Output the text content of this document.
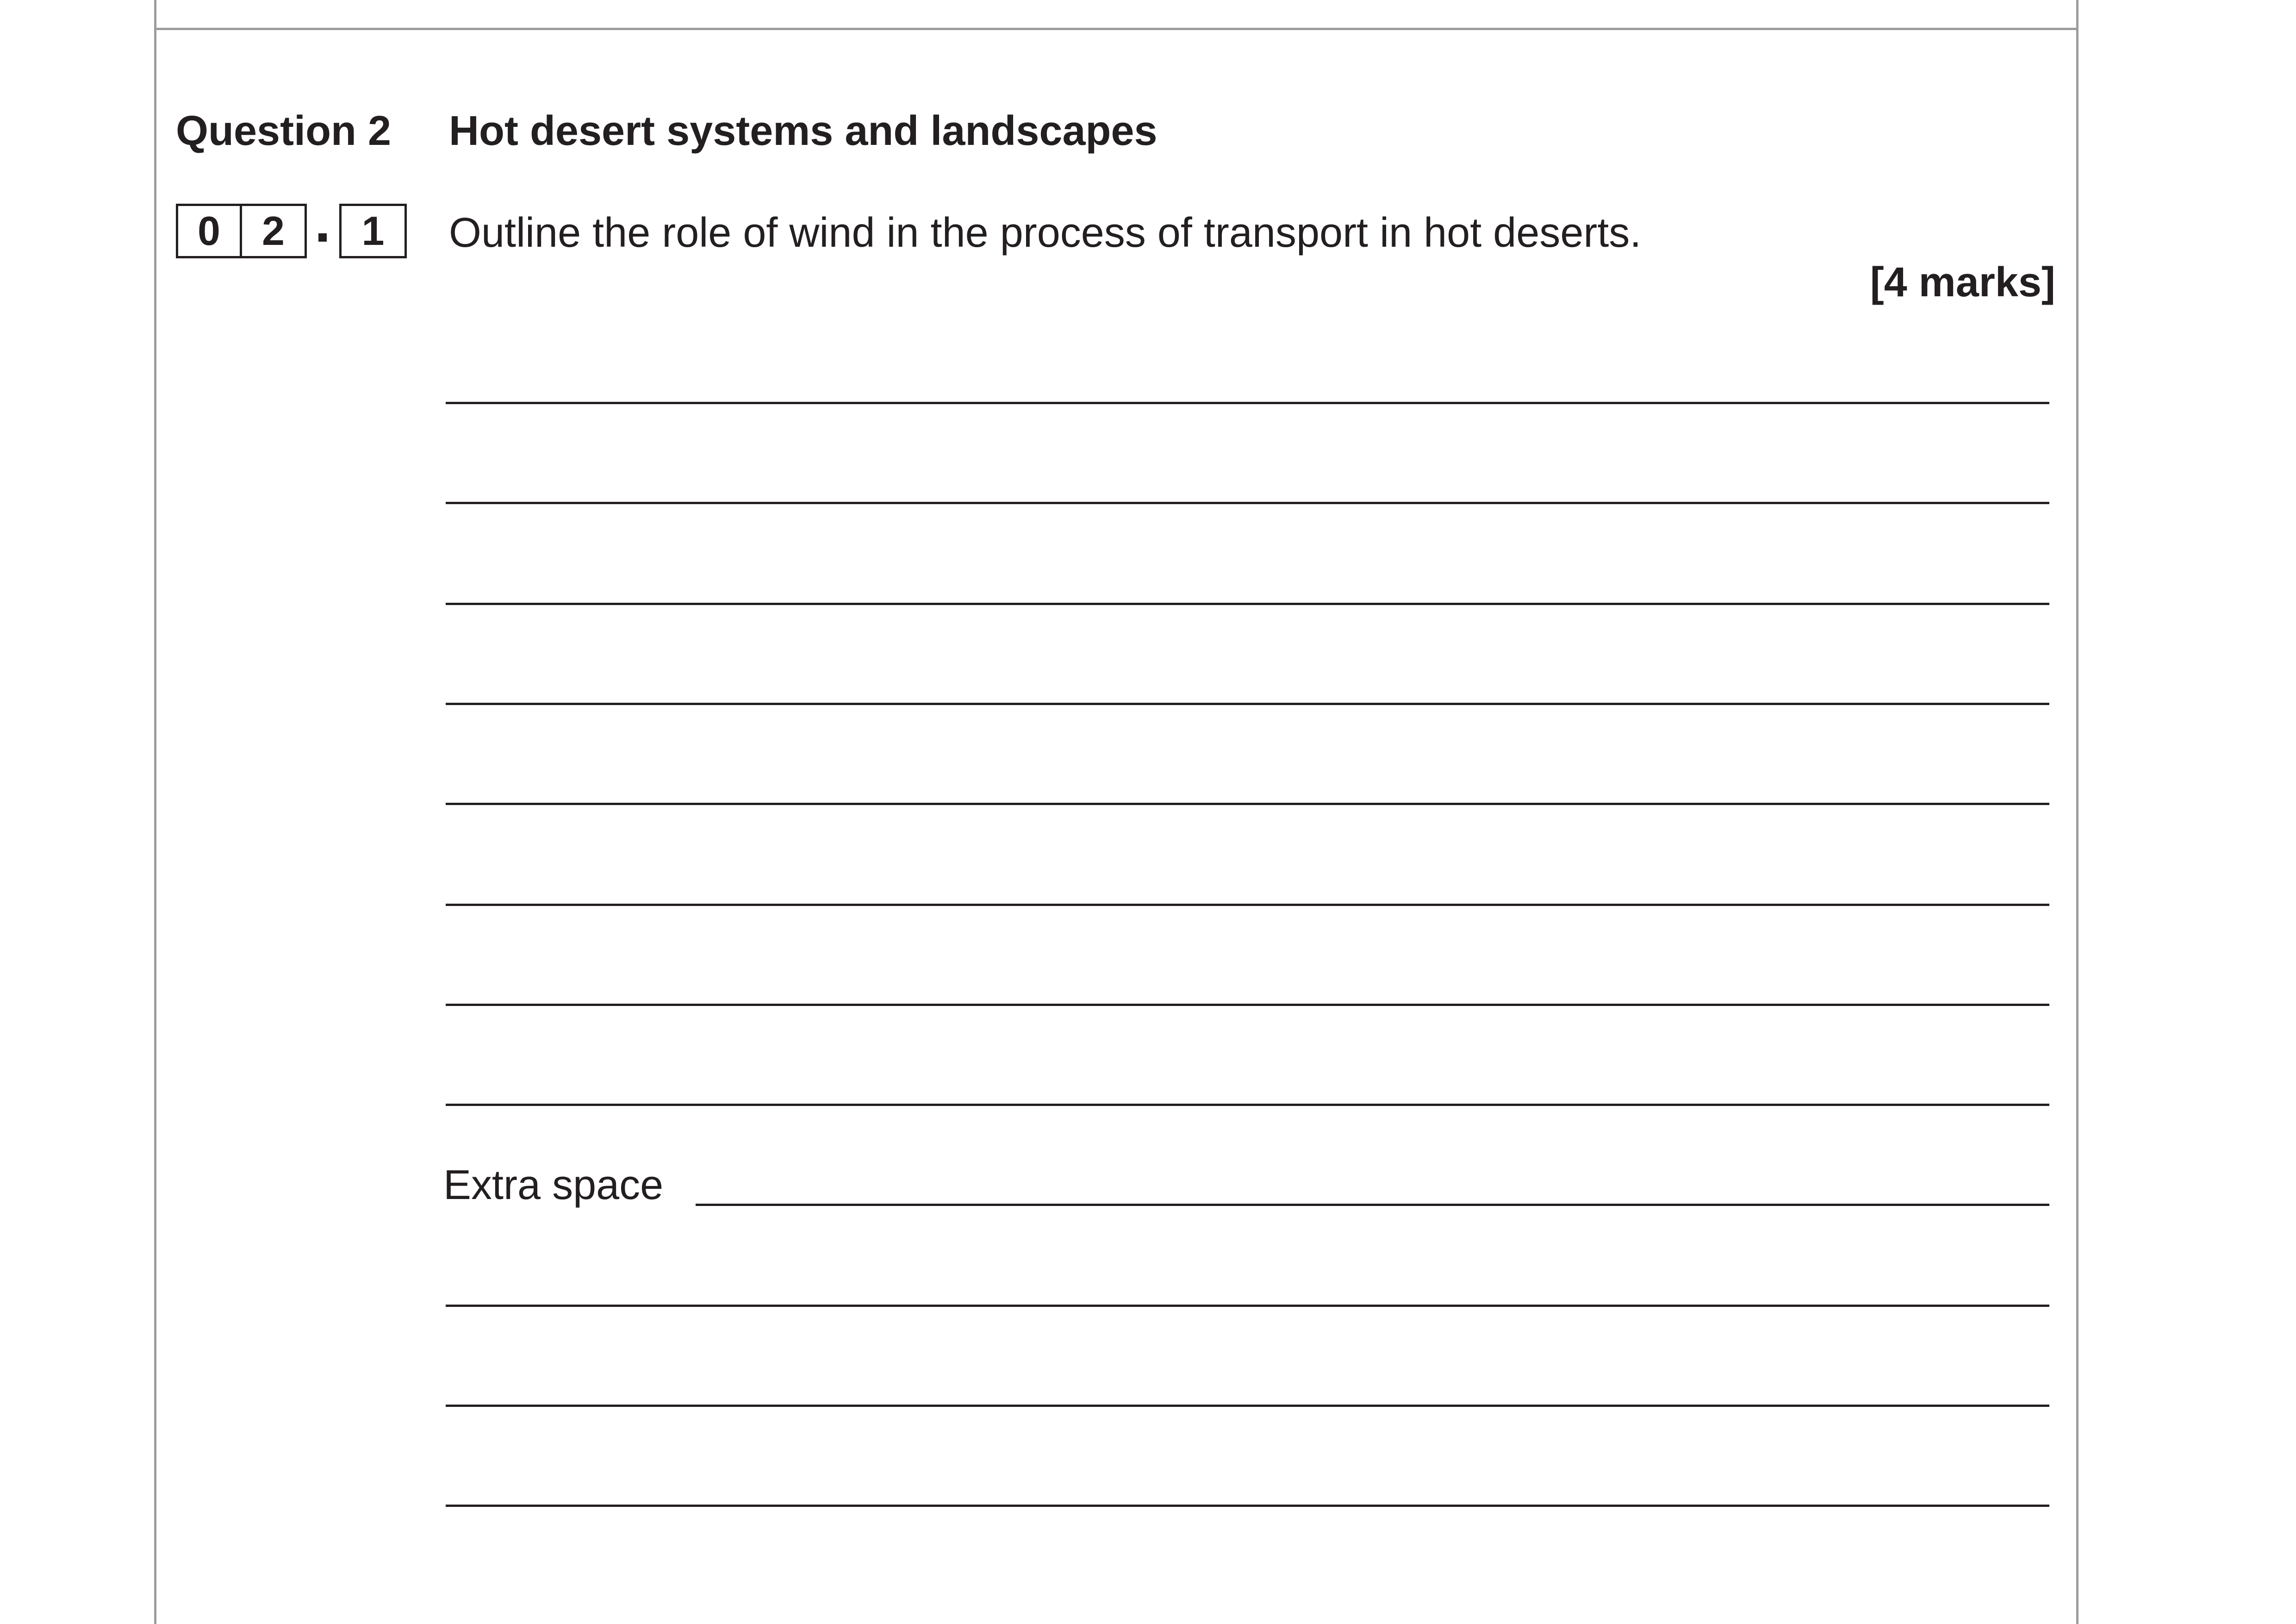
Question 2 Hot desert systems and landscapes
0	2	1	Outline the role of wind in the process of transport in hot deserts.
[4 marks]
Extra space
